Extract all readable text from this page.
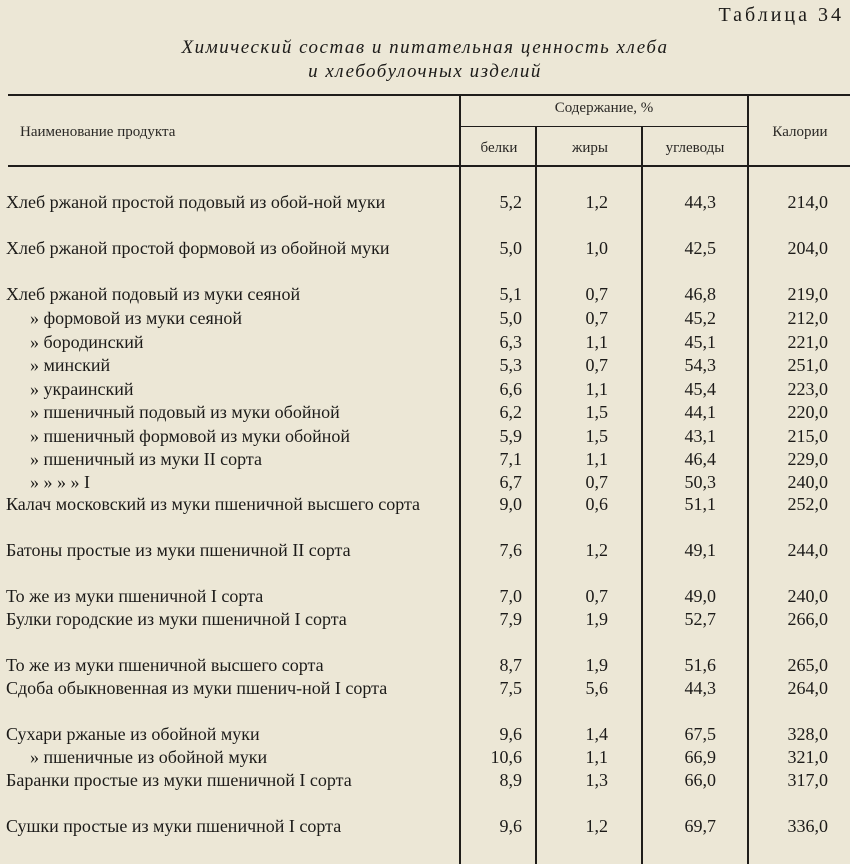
Таблица 34
Химический состав и питательная ценность хлеба
и хлебобулочных изделий
Наименование продукта
Содержание, %
белки	жиры	углеводы
Калории
Хлеб ржаной простой подовый из обой-ной муки	5,2	1,2	44,3	214,0
Хлеб ржаной простой формовой из обойной муки	5,0	1,0	42,5	204,0
Хлеб ржаной подовый из муки сеяной	5,1	0,7	46,8	219,0
» формовой из муки сеяной	5,0	0,7	45,2	212,0
» бородинский	6,3	1,1	45,1	221,0
» минский	5,3	0,7	54,3	251,0
» украинский	6,6	1,1	45,4	223,0
» пшеничный подовый из муки обойной	6,2	1,5	44,1	220,0
» пшеничный формовой из муки обойной	5,9	1,5	43,1	215,0
» пшеничный из муки II сорта	7,1	1,1	46,4	229,0
» » » » I	6,7	0,7	50,3	240,0
Калач московский из муки пшеничной высшего сорта	9,0	0,6	51,1	252,0
Батоны простые из муки пшеничной II сорта	7,6	1,2	49,1	244,0
То же из муки пшеничной I сорта	7,0	0,7	49,0	240,0
Булки городские из муки пшеничной I сорта	7,9	1,9	52,7	266,0
То же из муки пшеничной высшего сорта	8,7	1,9	51,6	265,0
Сдоба обыкновенная из муки пшенич-ной I сорта	7,5	5,6	44,3	264,0
Сухари ржаные из обойной муки	9,6	1,4	67,5	328,0
» пшеничные из обойной муки	10,6	1,1	66,9	321,0
Баранки простые из муки пшеничной I сорта	8,9	1,3	66,0	317,0
Сушки простые из муки пшеничной I сорта	9,6	1,2	69,7	336,0
